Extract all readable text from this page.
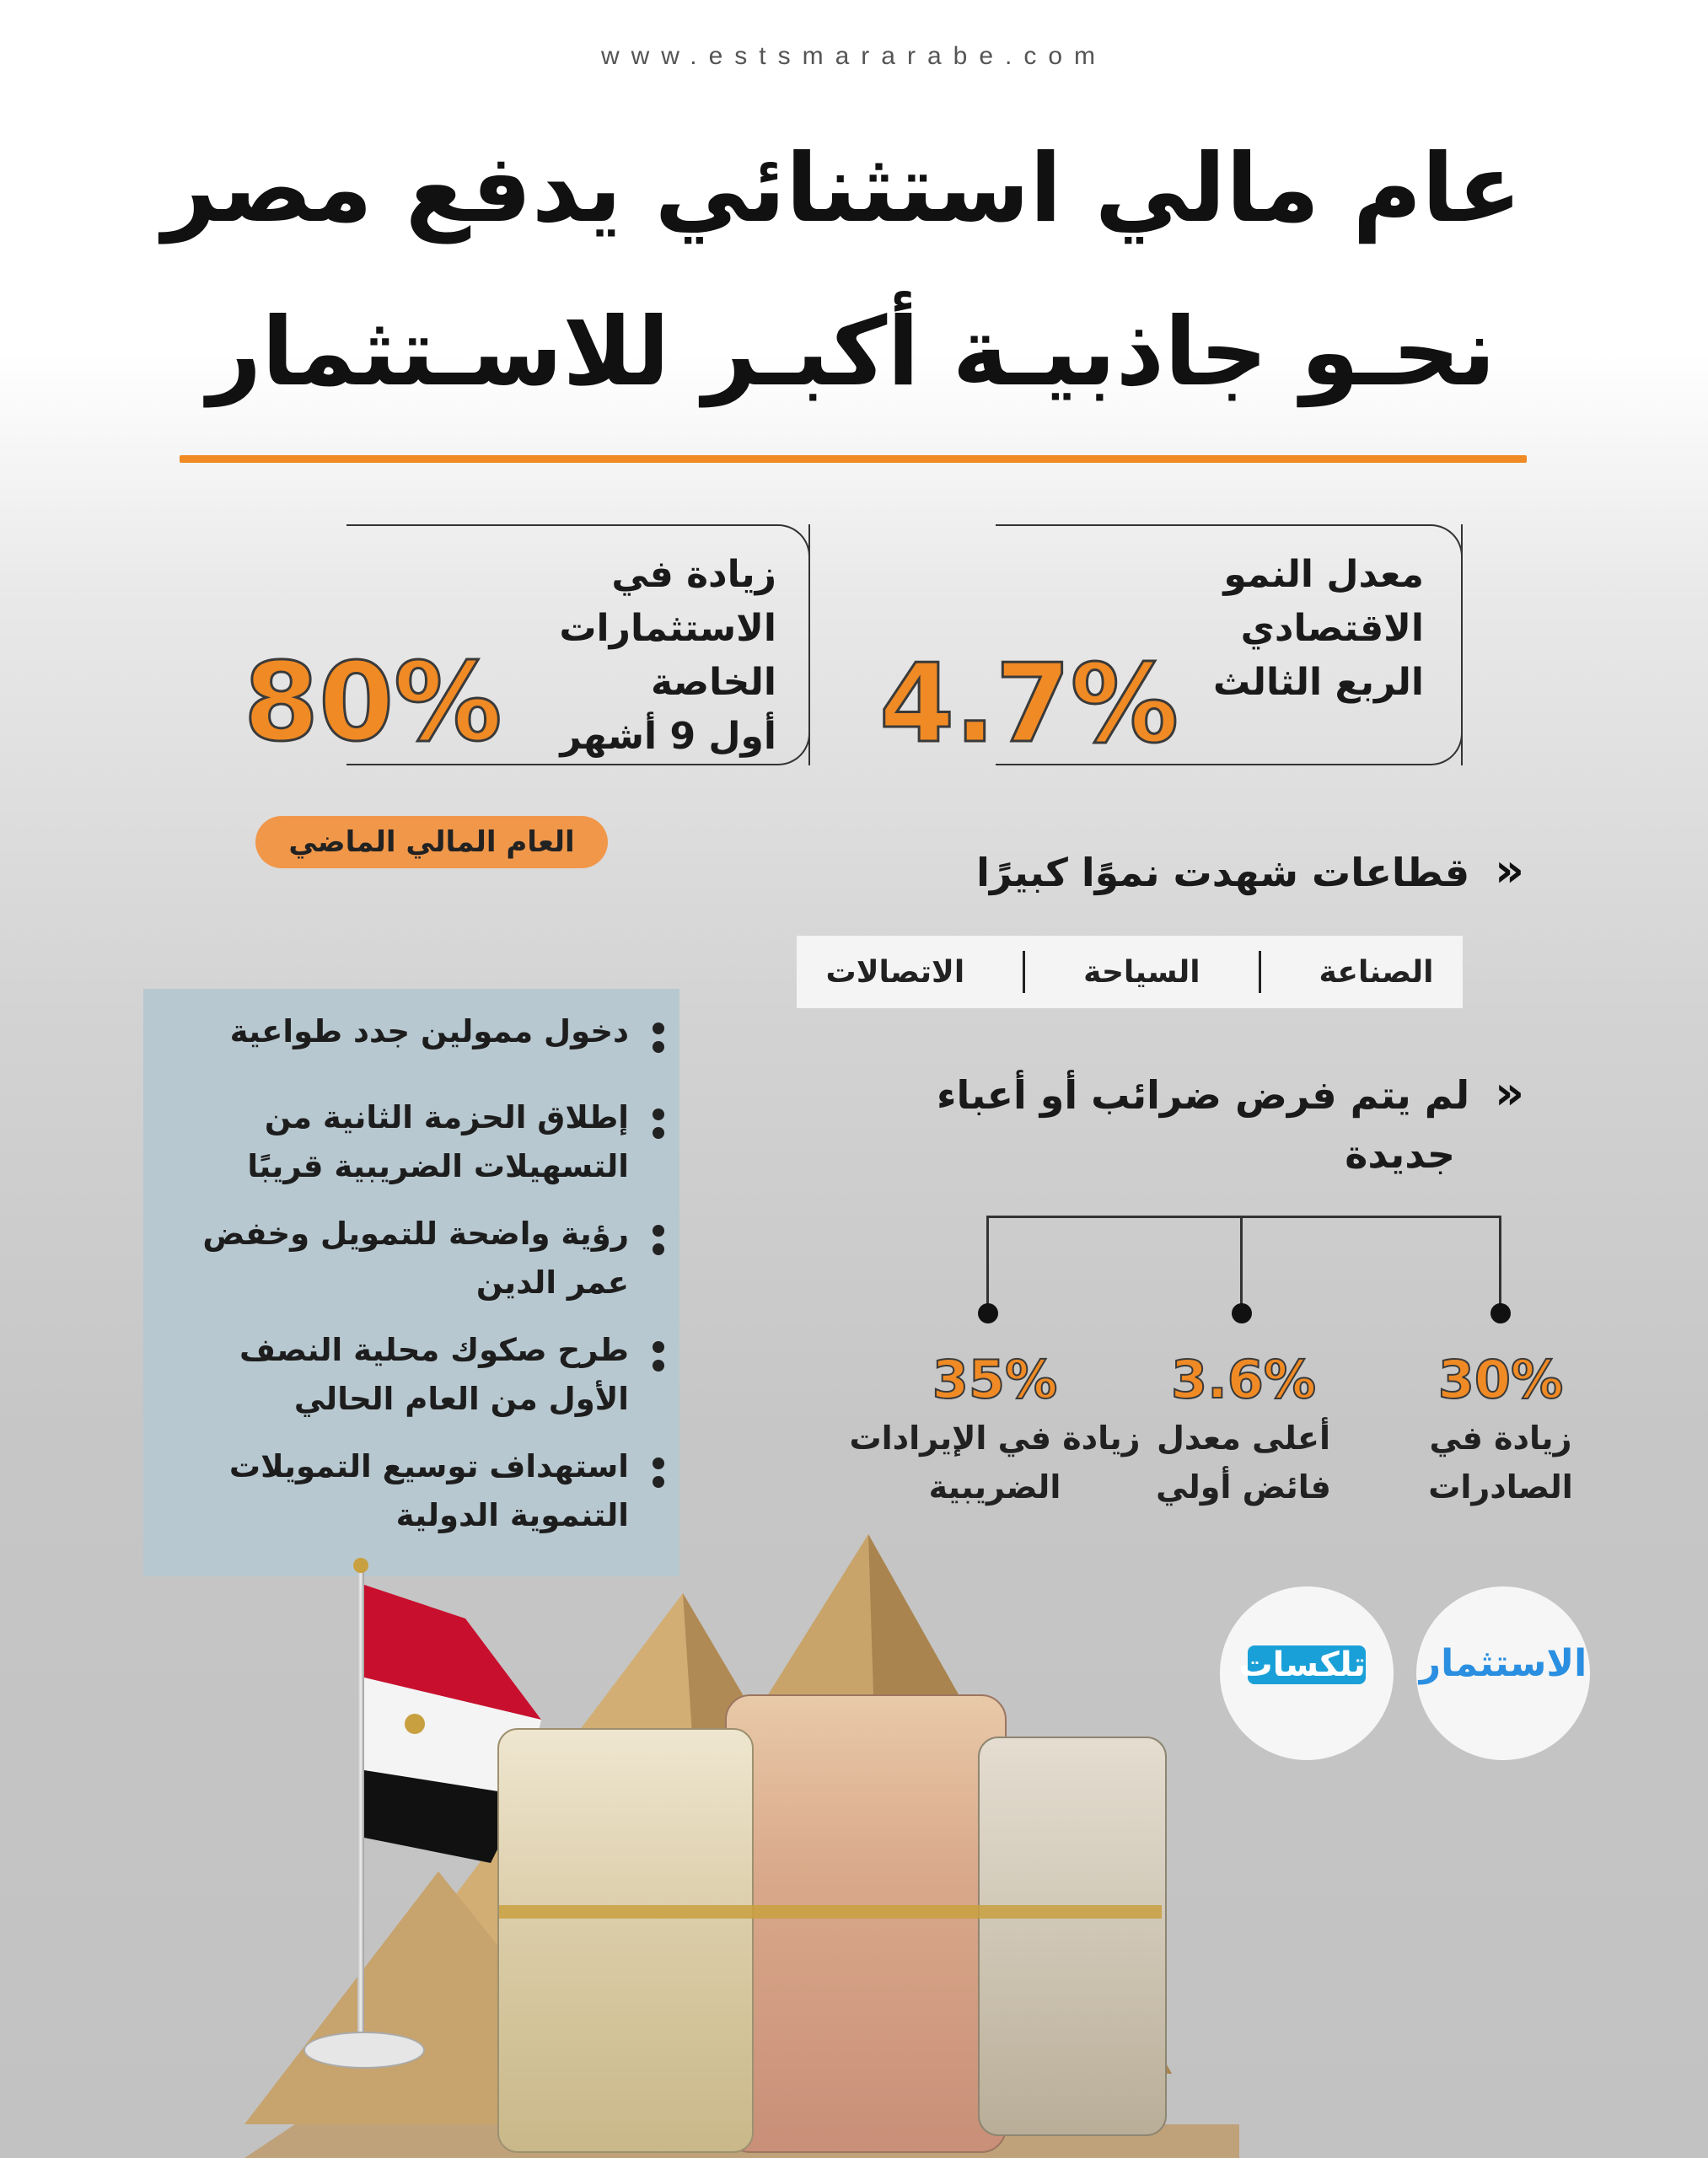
www.estsmararabe.com
عام مالي استثنائي يدفع مصر
نحـو جاذبيـة أكبـر للاسـتثمار
معدل النمو
الاقتصادي
الربع الثالث
4.7%
زيادة في
الاستثمارات الخاصة
أول 9 أشهر
80%
العام المالي الماضي
«قطاعات شهدت نموًا كبيرًا
الصناعة
السياحة
الاتصالات
«لم يتم فرض ضرائب أو أعباء
جديدة
30%
زيادة في
الصادرات
3.6%
أعلى معدل
فائض أولي
35%
زيادة في الإيرادات
الضريبية
دخول ممولين جدد طواعية
إطلاق الحزمة الثانية من
التسهيلات الضريبية قريبًا
رؤية واضحة للتمويل وخفض
عمر الدين
طرح صكوك محلية النصف
الأول من العام الحالي
استهداف توسيع التمويلات
التنموية الدولية
الاستثمار
تلكسات
